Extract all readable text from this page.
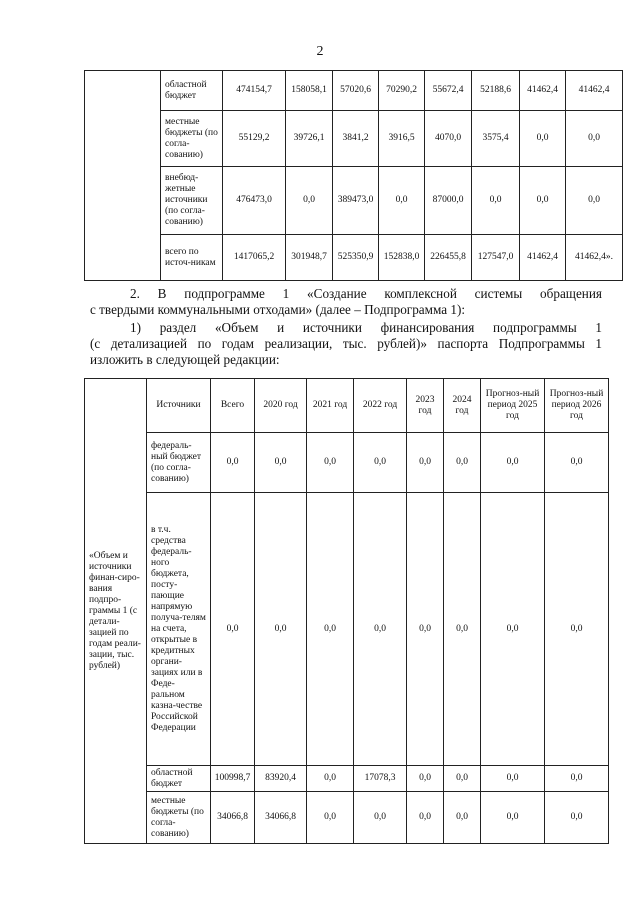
2
	областной бюджет	474154,7	158058,1	57020,6	70290,2	55672,4	52188,6	41462,4	41462,4
	местные бюджеты (по согла-сованию)	55129,2	39726,1	3841,2	3916,5	4070,0	3575,4	0,0	0,0
	внебюд-жетные источники (по согла-сованию)	476473,0	0,0	389473,0	0,0	87000,0	0,0	0,0	0,0
	всего по источ-никам	1417065,2	301948,7	525350,9	152838,0	226455,8	127547,0	41462,4	41462,4».
2. В подпрограмме 1 «Создание комплексной системы обращения
с твердыми коммунальными отходами» (далее – Подпрограмма 1):
1) раздел «Объем и источники финансирования подпрограммы 1
(с детализацией по годам реализации, тыс. рублей)» паспорта Подпрограммы 1
изложить в следующей редакции:
«Объем и источники финан-сиро-вания подпро-граммы 1 (с детали-зацией по годам реали-зации, тыс. рублей)	Источники	Всего	2020 год	2021 год	2022 год	2023 год	2024 год	Прогноз-ный период 2025 год	Прогноз-ный период 2026 год
	федераль-ный бюджет (по согла-сованию)	0,0	0,0	0,0	0,0	0,0	0,0	0,0	0,0
	в т.ч. средства федераль-ного бюджета, посту-пающие напрямую получа-телям на счета, открытые в кредитных органи-зациях или в Феде-ральном казна-честве Российской Федерации	0,0	0,0	0,0	0,0	0,0	0,0	0,0	0,0
	областной бюджет	100998,7	83920,4	0,0	17078,3	0,0	0,0	0,0	0,0
	местные бюджеты (по согла-сованию)	34066,8	34066,8	0,0	0,0	0,0	0,0	0,0	0,0
